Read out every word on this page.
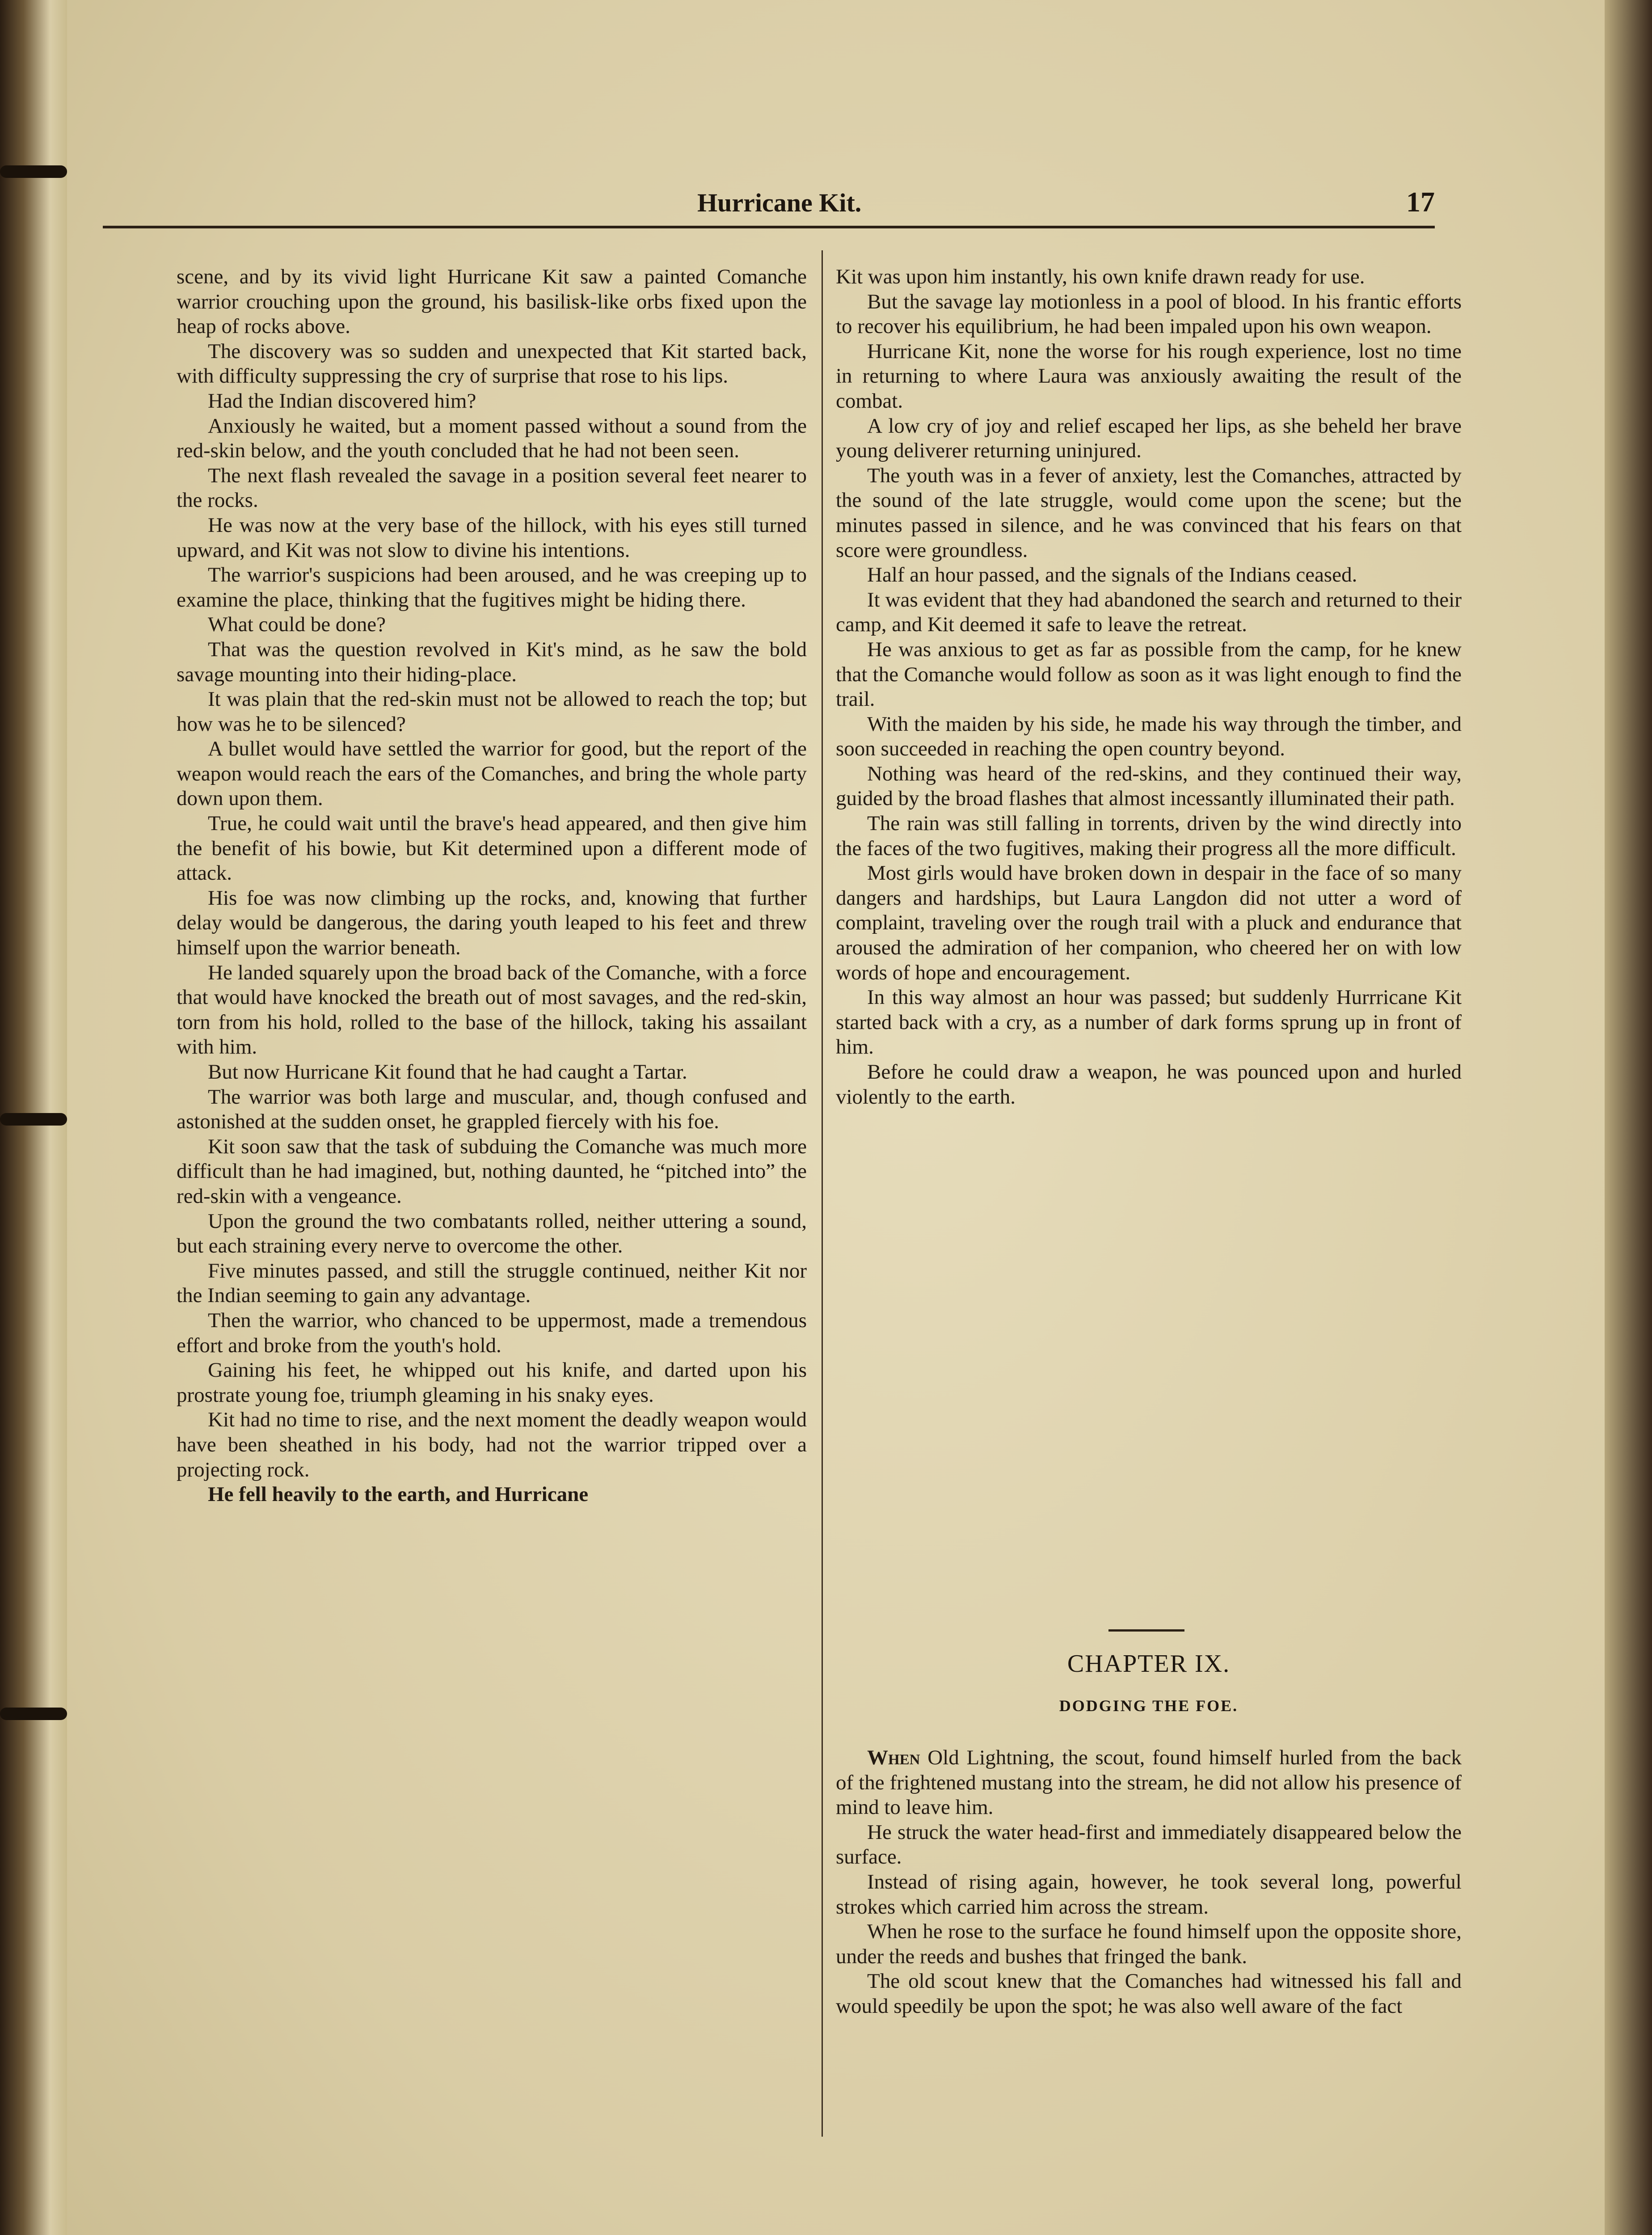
Hurricane Kit.	17

scene, and by its vivid light Hurricane Kit saw a painted Comanche warrior crouching upon the ground, his basilisk-like orbs fixed upon the heap of rocks above.

The discovery was so sudden and unexpected that Kit started back, with difficulty suppressing the cry of surprise that rose to his lips.

Had the Indian discovered him?

Anxiously he waited, but a moment passed without a sound from the red-skin below, and the youth concluded that he had not been seen.

The next flash revealed the savage in a position several feet nearer to the rocks.

He was now at the very base of the hillock, with his eyes still turned upward, and Kit was not slow to divine his intentions.

The warrior's suspicions had been aroused, and he was creeping up to examine the place, thinking that the fugitives might be hiding there.

What could be done?

That was the question revolved in Kit's mind, as he saw the bold savage mounting into their hiding-place.

It was plain that the red-skin must not be allowed to reach the top; but how was he to be silenced?

A bullet would have settled the warrior for good, but the report of the weapon would reach the ears of the Comanches, and bring the whole party down upon them.

True, he could wait until the brave's head appeared, and then give him the benefit of his bowie, but Kit determined upon a different mode of attack.

His foe was now climbing up the rocks, and, knowing that further delay would be dangerous, the daring youth leaped to his feet and threw himself upon the warrior beneath.

He landed squarely upon the broad back of the Comanche, with a force that would have knocked the breath out of most savages, and the red-skin, torn from his hold, rolled to the base of the hillock, taking his assailant with him.

But now Hurricane Kit found that he had caught a Tartar.

The warrior was both large and muscular, and, though confused and astonished at the sudden onset, he grappled fiercely with his foe.

Kit soon saw that the task of subduing the Comanche was much more difficult than he had imagined, but, nothing daunted, he “pitched into” the red-skin with a vengeance.

Upon the ground the two combatants rolled, neither uttering a sound, but each straining every nerve to overcome the other.

Five minutes passed, and still the struggle continued, neither Kit nor the Indian seeming to gain any advantage.

Then the warrior, who chanced to be uppermost, made a tremendous effort and broke from the youth's hold.

Gaining his feet, he whipped out his knife, and darted upon his prostrate young foe, triumph gleaming in his snaky eyes.

Kit had no time to rise, and the next moment the deadly weapon would have been sheathed in his body, had not the warrior tripped over a projecting rock.

He fell heavily to the earth, and Hurricane

Kit was upon him instantly, his own knife drawn ready for use.

But the savage lay motionless in a pool of blood. In his frantic efforts to recover his equilibrium, he had been impaled upon his own weapon.

Hurricane Kit, none the worse for his rough experience, lost no time in returning to where Laura was anxiously awaiting the result of the combat.

A low cry of joy and relief escaped her lips, as she beheld her brave young deliverer returning uninjured.

The youth was in a fever of anxiety, lest the Comanches, attracted by the sound of the late struggle, would come upon the scene; but the minutes passed in silence, and he was convinced that his fears on that score were groundless.

Half an hour passed, and the signals of the Indians ceased.

It was evident that they had abandoned the search and returned to their camp, and Kit deemed it safe to leave the retreat.

He was anxious to get as far as possible from the camp, for he knew that the Comanche would follow as soon as it was light enough to find the trail.

With the maiden by his side, he made his way through the timber, and soon succeeded in reaching the open country beyond.

Nothing was heard of the red-skins, and they continued their way, guided by the broad flashes that almost incessantly illuminated their path.

The rain was still falling in torrents, driven by the wind directly into the faces of the two fugitives, making their progress all the more difficult.

Most girls would have broken down in despair in the face of so many dangers and hardships, but Laura Langdon did not utter a word of complaint, traveling over the rough trail with a pluck and endurance that aroused the admiration of her companion, who cheered her on with low words of hope and encouragement.

In this way almost an hour was passed; but suddenly Hurrricane Kit started back with a cry, as a number of dark forms sprung up in front of him.

Before he could draw a weapon, he was pounced upon and hurled violently to the earth.

CHAPTER IX.
DODGING THE FOE.

When Old Lightning, the scout, found himself hurled from the back of the frightened mustang into the stream, he did not allow his presence of mind to leave him.

He struck the water head-first and immediately disappeared below the surface.

Instead of rising again, however, he took several long, powerful strokes which carried him across the stream.

When he rose to the surface he found himself upon the opposite shore, under the reeds and bushes that fringed the bank.

The old scout knew that the Comanches had witnessed his fall and would speedily be upon the spot; he was also well aware of the fact
